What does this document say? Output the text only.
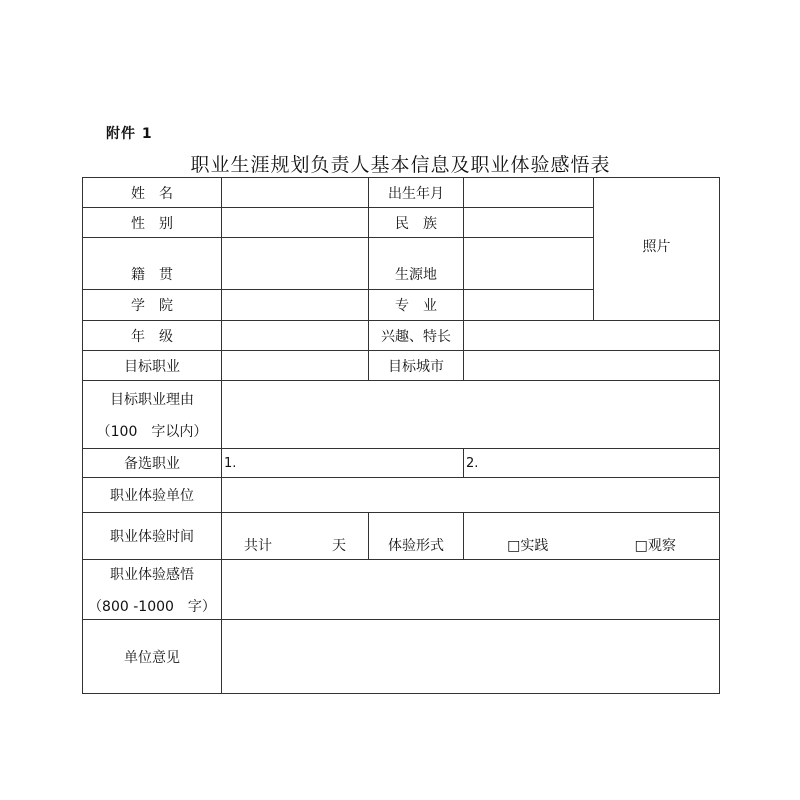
附件 1
职业生涯规划负责人基本信息及职业体验感悟表
姓　名		出生年月		照片
性　别		民　族		
籍　贯		生源地		
学　院		专　业		
年　级		兴趣、特长		
目标职业		目标城市		

目标职业理由
（100　字以内）				

备选职业	1.		2.	
职业体验单位				
职业体验时间	共计 天	体验形式	□实践 □观察	

职业体验感悟
（800 -1000　字）				

单位意见				
